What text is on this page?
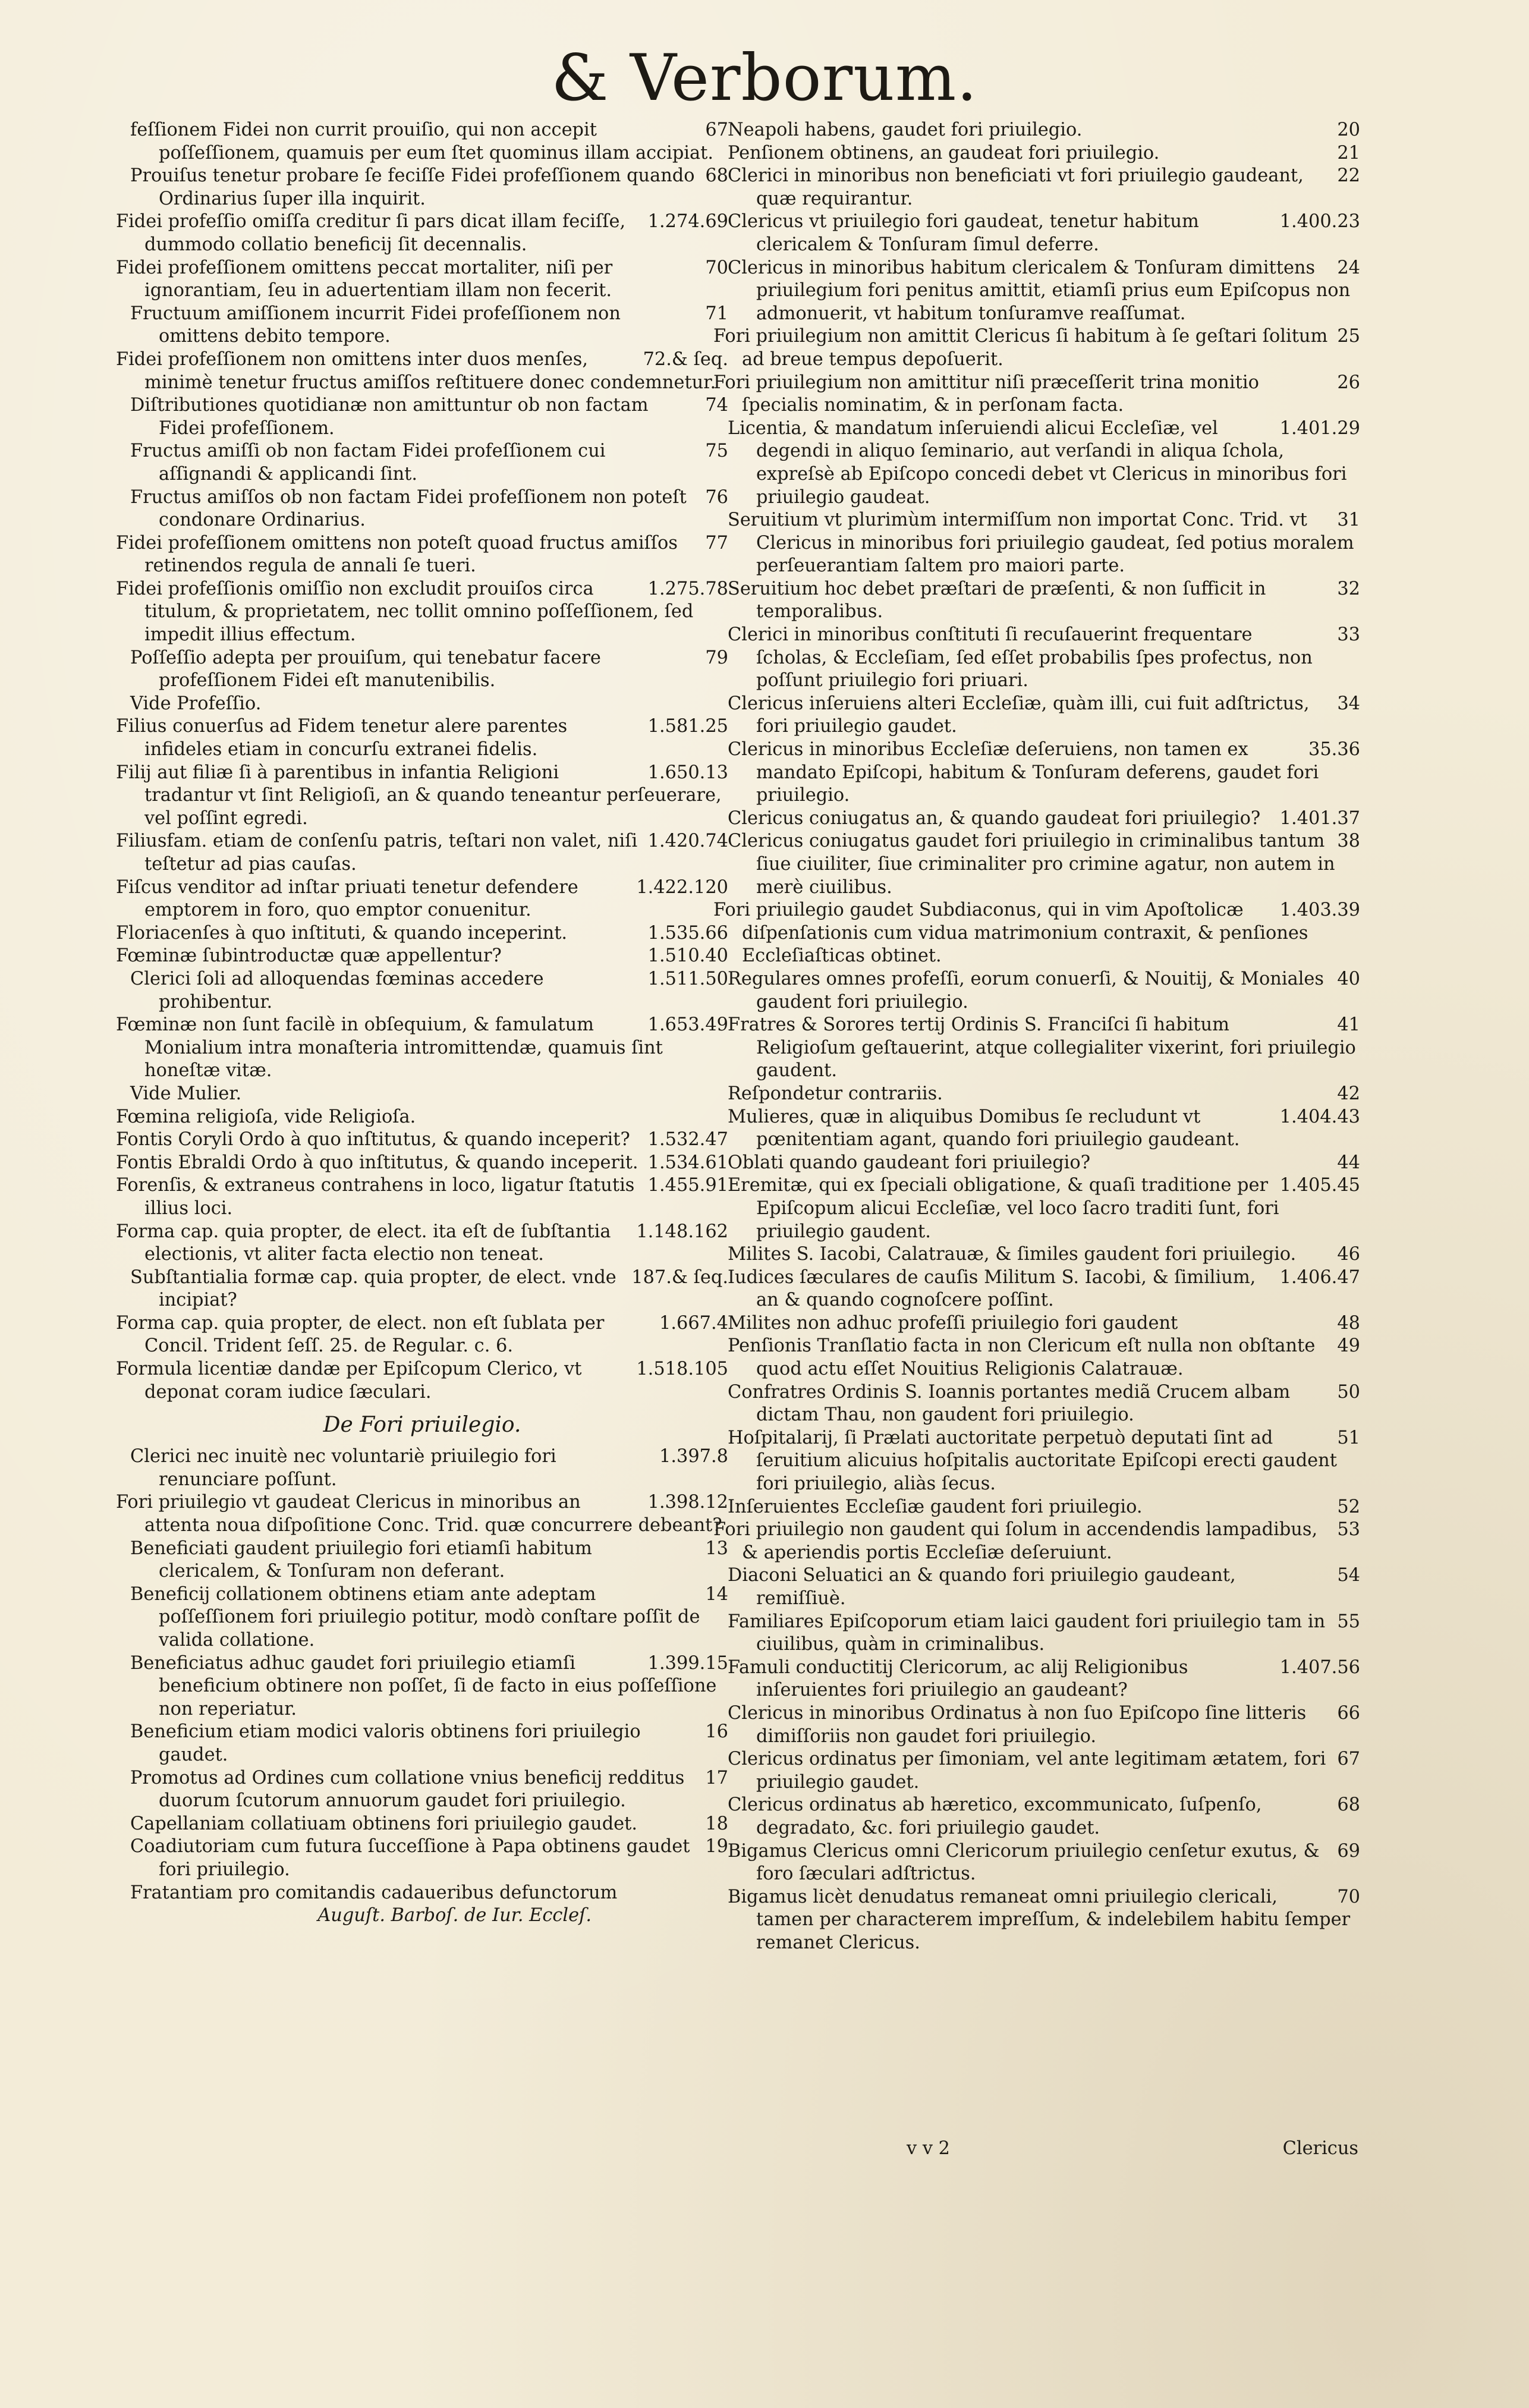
& Verborum.
67
feſſionem Fidei non currit prouiſio, qui non accepit poſſeſſionem, quamuis per eum ſtet quominus illam accipiat.
68
Prouiſus tenetur probare ſe feciſſe Fidei profeſſionem quando Ordinarius ſuper illa inquirit.
1.274.69
Fidei profeſſio omiſſa creditur ſi pars dicat illam feciſſe, dummodo collatio beneficij ſit decennalis.
70
Fidei profeſſionem omittens peccat mortaliter, niſi per ignorantiam, ſeu in aduertentiam illam non fecerit.
71
Fructuum amiſſionem incurrit Fidei profeſſionem non omittens debito tempore.
72.& ſeq.
Fidei profeſſionem non omittens inter duos menſes, minimè tenetur fructus amiſſos reſtituere donec condemnetur.
74
Diſtributiones quotidianæ non amittuntur ob non factam Fidei profeſſionem.
75
Fructus amiſſi ob non factam Fidei profeſſionem cui aſſignandi & applicandi ſint.
76
Fructus amiſſos ob non factam Fidei profeſſionem non poteſt condonare Ordinarius.
77
Fidei profeſſionem omittens non poteſt quoad fructus amiſſos retinendos regula de annali ſe tueri.
1.275.78
Fidei profeſſionis omiſſio non excludit prouiſos circa titulum, & proprietatem, nec tollit omnino poſſeſſionem, ſed impedit illius effectum.
79
Poſſeſſio adepta per prouiſum, qui tenebatur facere profeſſionem Fidei eſt manutenibilis.
Vide Profeſſio.
1.581.25
Filius conuerſus ad Fidem tenetur alere parentes infideles etiam in concurſu extranei fidelis.
1.650.13
Filij aut filiæ ſi à parentibus in infantia Religioni tradantur vt ſint Religioſi, an & quando teneantur perſeuerare, vel poſſint egredi.
1.420.74
Filiusfam. etiam de conſenſu patris, teſtari non valet, niſi teſtetur ad pias cauſas.
1.422.120
Fiſcus venditor ad inſtar priuati tenetur defendere emptorem in foro, quo emptor conuenitur.
1.535.66
Floriacenſes à quo inſtituti, & quando inceperint.
1.510.40
Fœminæ ſubintroductæ quæ appellentur?
1.511.50
Clerici ſoli ad alloquendas fœminas accedere prohibentur.
1.653.49
Fœminæ non ſunt facilè in obſequium, & famulatum Monialium intra monaſteria intromittendæ, quamuis ſint honeſtæ vitæ.
Vide Mulier.
Fœmina religioſa, vide Religioſa.
1.532.47
Fontis Coryli Ordo à quo inſtitutus, & quando inceperit?
1.534.61
Fontis Ebraldi Ordo à quo inſtitutus, & quando inceperit.
1.455.91
Forenſis, & extraneus contrahens in loco, ligatur ſtatutis illius loci.
1.148.162
Forma cap. quia propter, de elect. ita eſt de ſubſtantia electionis, vt aliter facta electio non teneat.
187.& ſeq.
Subſtantialia formæ cap. quia propter, de elect. vnde incipiat?
1.667.4
Forma cap. quia propter, de elect. non eſt ſublata per Concil. Trident ſeſſ. 25. de Regular. c. 6.
1.518.105
Formula licentiæ dandæ per Epiſcopum Clerico, vt deponat coram iudice ſæculari.
De Fori priuilegio.
1.397.8
Clerici nec inuitè nec voluntariè priuilegio fori renunciare poſſunt.
1.398.12
Fori priuilegio vt gaudeat Clericus in minoribus an attenta noua diſpoſitione Conc. Trid. quæ concurrere debeant?
13
Beneficiati gaudent priuilegio fori etiamſi habitum clericalem, & Tonſuram non deferant.
14
Beneficij collationem obtinens etiam ante adeptam poſſeſſionem fori priuilegio potitur, modò conſtare poſſit de valida collatione.
1.399.15
Beneficiatus adhuc gaudet fori priuilegio etiamſi beneficium obtinere non poſſet, ſi de facto in eius poſſeſſione non reperiatur.
16
Beneficium etiam modici valoris obtinens fori priuilegio gaudet.
17
Promotus ad Ordines cum collatione vnius beneficij redditus duorum ſcutorum annuorum gaudet fori priuilegio.
18
Capellaniam collatiuam obtinens fori priuilegio gaudet.
19
Coadiutoriam cum futura ſucceſſione à Papa obtinens gaudet fori priuilegio.
Fratantiam pro comitandis cadaueribus defunctorum
Auguſt. Barboſ. de Iur. Eccleſ.
20
Neapoli habens, gaudet fori priuilegio.
21
Penſionem obtinens, an gaudeat fori priuilegio.
22
Clerici in minoribus non beneficiati vt fori priuilegio gaudeant, quæ requirantur.
1.400.23
Clericus vt priuilegio fori gaudeat, tenetur habitum clericalem & Tonſuram ſimul deferre.
24
Clericus in minoribus habitum clericalem & Tonſuram dimittens priuilegium fori penitus amittit, etiamſi prius eum Epiſcopus non admonuerit, vt habitum tonſuramve reaſſumat.
25
Fori priuilegium non amittit Clericus ſi habitum à ſe geſtari ſolitum ad breue tempus depoſuerit.
26
Fori priuilegium non amittitur niſi præceſſerit trina monitio ſpecialis nominatim, & in perſonam facta.
1.401.29
Licentia, & mandatum inſeruiendi alicui Eccleſiæ, vel degendi in aliquo ſeminario, aut verſandi in aliqua ſchola, expreſsè ab Epiſcopo concedi debet vt Clericus in minoribus fori priuilegio gaudeat.
31
Seruitium vt plurimùm intermiſſum non importat Conc. Trid. vt Clericus in minoribus fori priuilegio gaudeat, ſed potius moralem perſeuerantiam ſaltem pro maiori parte.
32
Seruitium hoc debet præſtari de præſenti, & non ſufficit in temporalibus.
33
Clerici in minoribus conſtituti ſi recuſauerint frequentare ſcholas, & Eccleſiam, ſed eſſet probabilis ſpes profectus, non poſſunt priuilegio fori priuari.
34
Clericus inſeruiens alteri Eccleſiæ, quàm illi, cui fuit adſtrictus, fori priuilegio gaudet.
35.36
Clericus in minoribus Eccleſiæ deſeruiens, non tamen ex mandato Epiſcopi, habitum & Tonſuram deferens, gaudet fori priuilegio.
1.401.37
Clericus coniugatus an, & quando gaudeat fori priuilegio?
38
Clericus coniugatus gaudet fori priuilegio in criminalibus tantum ſiue ciuiliter, ſiue criminaliter pro crimine agatur, non autem in merè ciuilibus.
1.403.39
Fori priuilegio gaudet Subdiaconus, qui in vim Apoſtolicæ diſpenſationis cum vidua matrimonium contraxit, & penſiones Eccleſiaſticas obtinet.
40
Regulares omnes profeſſi, eorum conuerſi, & Nouitij, & Moniales gaudent fori priuilegio.
41
Fratres & Sorores tertij Ordinis S. Franciſci ſi habitum Religioſum geſtauerint, atque collegialiter vixerint, fori priuilegio gaudent.
42
Reſpondetur contrariis.
1.404.43
Mulieres, quæ in aliquibus Domibus ſe recludunt vt pœnitentiam agant, quando fori priuilegio gaudeant.
44
Oblati quando gaudeant fori priuilegio?
1.405.45
Eremitæ, qui ex ſpeciali obligatione, & quaſi traditione per Epiſcopum alicui Eccleſiæ, vel loco ſacro traditi ſunt, fori priuilegio gaudent.
46
Milites S. Iacobi, Calatrauæ, & ſimiles gaudent fori priuilegio.
1.406.47
Iudices ſæculares de cauſis Militum S. Iacobi, & ſimilium, an & quando cognoſcere poſſint.
48
Milites non adhuc profeſſi priuilegio fori gaudent
49
Penſionis Tranſlatio facta in non Clericum eſt nulla non obſtante quod actu eſſet Nouitius Religionis Calatrauæ.
50
Confratres Ordinis S. Ioannis portantes mediã Crucem albam dictam Thau, non gaudent fori priuilegio.
51
Hoſpitalarij, ſi Prælati auctoritate perpetuò deputati ſint ad ſeruitium alicuius hoſpitalis auctoritate Epiſcopi erecti gaudent fori priuilegio, aliàs ſecus.
52
Inſeruientes Eccleſiæ gaudent fori priuilegio.
53
Fori priuilegio non gaudent qui ſolum in accendendis lampadibus, & aperiendis portis Eccleſiæ deſeruiunt.
54
Diaconi Seluatici an & quando fori priuilegio gaudeant, remiſſiuè.
55
Familiares Epiſcoporum etiam laici gaudent fori priuilegio tam in ciuilibus, quàm in criminalibus.
1.407.56
Famuli conductitij Clericorum, ac alij Religionibus inſeruientes fori priuilegio an gaudeant?
66
Clericus in minoribus Ordinatus à non ſuo Epiſcopo ſine litteris dimiſſoriis non gaudet fori priuilegio.
67
Clericus ordinatus per ſimoniam, vel ante legitimam ætatem, fori priuilegio gaudet.
68
Clericus ordinatus ab hæretico, excommunicato, ſuſpenſo, degradato, &c. fori priuilegio gaudet.
69
Bigamus Clericus omni Clericorum priuilegio cenſetur exutus, & foro ſæculari adſtrictus.
70
Bigamus licèt denudatus remaneat omni priuilegio clericali, tamen per characterem impreſſum, & indelebilem habitu ſemper remanet Clericus.
v v 2	Clericus
